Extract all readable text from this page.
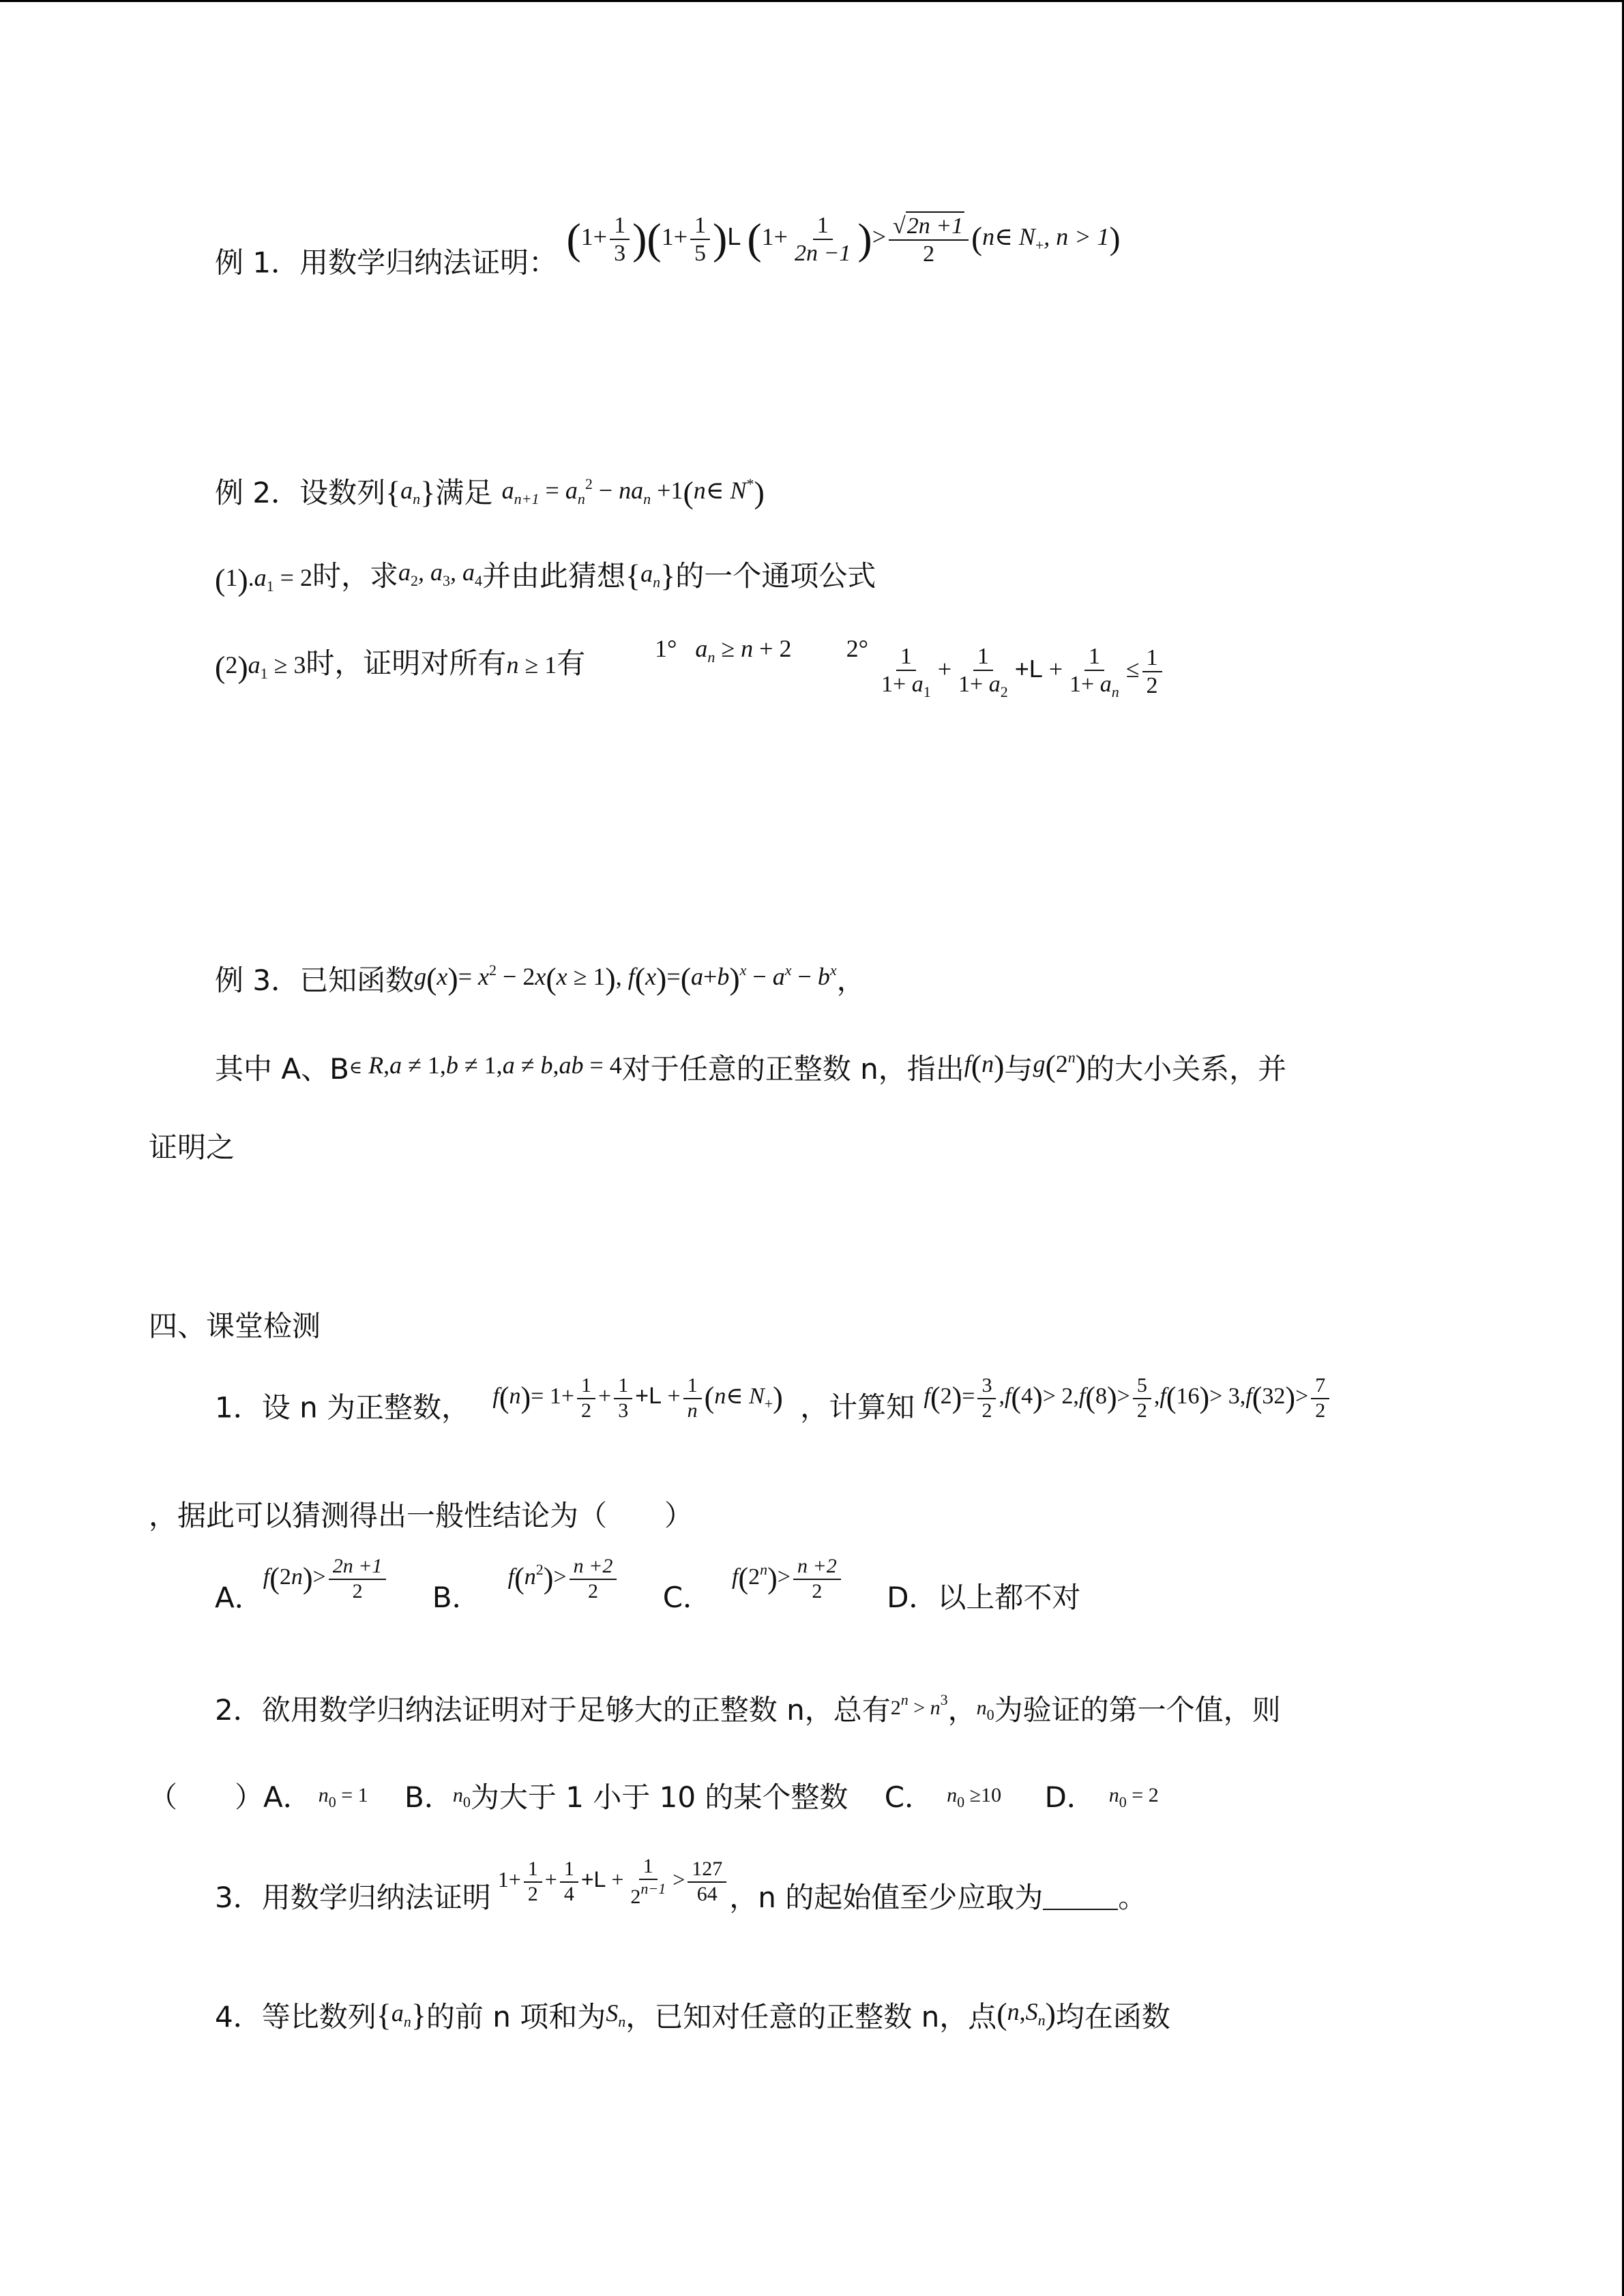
例 1．用数学归纳法证明： $(1+ \frac{1}{3} )(1+ \frac{1}{5} )L$ ($1+ \frac{1}{2n -1}$ )> $\frac{√2n +1}{2}$ (n∈ $N_+$, n > 1)
例 2．设数列$\{a_n\}$满足 $a_{n+1} = a_n^2 - na_n$ +1(n∈ N*)
$(1).a_1 = 2$时，求$a_2$, $a_3$, $a_4$并由此猜想$\{a_n\}$的一个通项公式
$(2)a_1 \ge 3$时，证明对所有n ≥ 1有	1°   $a_n \ge n + 2$ $2^\circ \frac{1}{1+ a_1} + \frac{1}{1+ a_2} +L + \frac{1}{1+ a_n} \le \frac{1}{2}$
例 3．已知函数$g(x)= x^2 - 2x(x \ge 1)$, $f(x)=(a+b)^x - a^x - b^x$，
其中 A、B∈ R,a ≠ 1,b ≠ 1,a ≠ b,ab = 4对于任意的正整数 n，指出f(n)与g(2$^n$)的大小关系，并
证明之
四、课堂检测
1．设 n 为正整数， $f(n)= 1+ \frac{1}{2} + \frac{1}{3} +L + \frac{1}{n}$ (n∈ $N_+$) ，计算知 $f(2)= \frac{3}{2} ,f(4)> 2,f(8)> \frac{5}{2} ,f(16)> 3,f(32)> \frac{7}{2}$
，据此可以猜测得出一般性结论为（　　）
A．$f(2n)> \frac{2n +1}{2}$ B．$f(n^2)> \frac{n +2}{2}$ C．$f(2^n)> \frac{n +2}{2}$ D．以上都不对
2．欲用数学归纳法证明对于足够大的正整数 n，总有$2^n > n^3$，$n_0$为验证的第一个值，则
（　　）A． $n_0 = 1$ B．$n_0$为大于 1 小于 10 的某个整数 C． $n_0 \ge 10$ D． $n_0 = 2$
3．用数学归纳法证明$1+ \frac{1}{2} + \frac{1}{4} +L + \frac{1}{2^{n-1}} > \frac{127}{64}$ ，n 的起始值至少应取为	。
4．等比数列$\{a_n\}$的前 n 项和为$S_n$，已知对任意的正整数 n，点$(n,S_n)$均在函数
